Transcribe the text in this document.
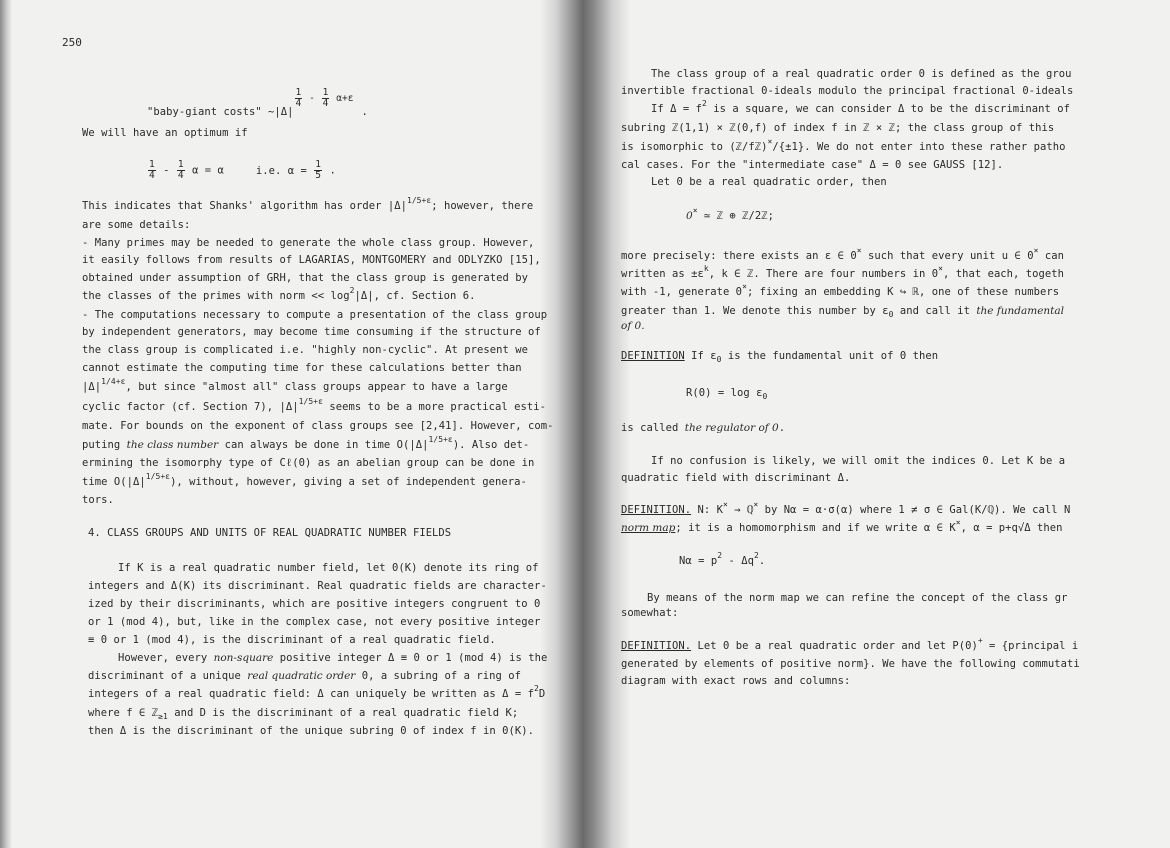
250
"baby-giant costs" ~|Δ|
$\frac{1}{4} - \frac{1}{4} \alpha+\varepsilon$.
We will have an optimum if
$\frac{1}{4} - \frac{1}{4}$ α = α	i.e. $\alpha = \frac{1}{5}$ .
This indicates that Shanks' algorithm has order $|\Delta|^{1/5+\varepsilon}$; however, there
are some details:
- Many primes may be needed to generate the whole class group. However,
it easily follows from results of LAGARIAS, MONTGOMERY and ODLYZKO [15],
obtained under assumption of GRH, that the class group is generated by
the classes of the primes with norm << $\log^2|\Delta|$, cf. Section 6.
- The computations necessary to compute a presentation of the class group
by independent generators, may become time consuming if the structure of
the class group is complicated i.e. "highly non-cyclic". At present we
cannot estimate the computing time for these calculations better than
$|\Delta|^{1/4+\varepsilon}$, but since "almost all" class groups appear to have a large
cyclic factor (cf. Section 7), $|\Delta|^{1/5+\varepsilon}$ seems to be a more practical esti-
mate. For bounds on the exponent of class groups see [2,41]. However, com-
puting the class number can always be done in time $O(|\Delta|^{1/5+\varepsilon})$. Also det-
ermining the isomorphy type of Cℓ(0) as an abelian group can be done in
time $O(|\Delta|^{1/5+\varepsilon})$, without, however, giving a set of independent genera-
tors.
4. CLASS GROUPS AND UNITS OF REAL QUADRATIC NUMBER FIELDS
If K is a real quadratic number field, let 0(K) denote its ring of
integers and Δ(K) its discriminant. Real quadratic fields are character-
ized by their discriminants, which are positive integers congruent to 0
or 1 (mod 4), but, like in the complex case, not every positive integer
≡ 0 or 1 (mod 4), is the discriminant of a real quadratic field.
However, every non-square positive integer Δ ≡ 0 or 1 (mod 4) is the
discriminant of a unique real quadratic order 0, a subring of a ring of
integers of a real quadratic field: Δ can uniquely be written as $\Delta = f^2D$
where f ∈ ℤ$_{\ge 1}$ and D is the discriminant of a real quadratic field K;
then Δ is the discriminant of the unique subring 0 of index f in 0(K).
The class group of a real quadratic order 0 is defined as the grou
invertible fractional 0-ideals modulo the principal fractional 0-ideals
If $\Delta = f^2$ is a square, we can consider Δ to be the discriminant of
subring ℤ(1,1) × ℤ(0,f) of index f in ℤ × ℤ; the class group of this
is isomorphic to (ℤ/fℤ)×/{±1}. We do not enter into these rather patho
cal cases. For the "intermediate case" Δ = 0 see GAUSS [12].
Let 0 be a real quadratic order, then
0× ≃ ℤ ⊕ ℤ/2ℤ;
more precisely: there exists an ε ∈ 0× such that every unit u ∈ 0× can
written as $\pm\varepsilon^k$, k ∈ ℤ. There are four numbers in 0×, that each, togeth
with -1, generate 0×; fixing an embedding K ↪ ℝ, one of these numbers
greater than 1. We denote this number by $\varepsilon_0$ and call it the fundamental
of 0.
DEFINITION If $\varepsilon_0$ is the fundamental unit of 0 then
$R(0) = \log \varepsilon_0$
is called the regulator of 0.
If no confusion is likely, we will omit the indices 0. Let K be a
quadratic field with discriminant Δ.
DEFINITION. N: K× → ℚ× by Nα = α·σ(α) where 1 ≠ σ ∈ Gal(K/ℚ). We call N
norm map; it is a homomorphism and if we write α ∈ K×, α = p+q√Δ then
$N\alpha = p^2 - \Delta q^2$.
By means of the norm map we can refine the concept of the class gr
somewhat:
DEFINITION. Let 0 be a real quadratic order and let P(0)+ = {principal i
generated by elements of positive norm}. We have the following commutati
diagram with exact rows and columns:
